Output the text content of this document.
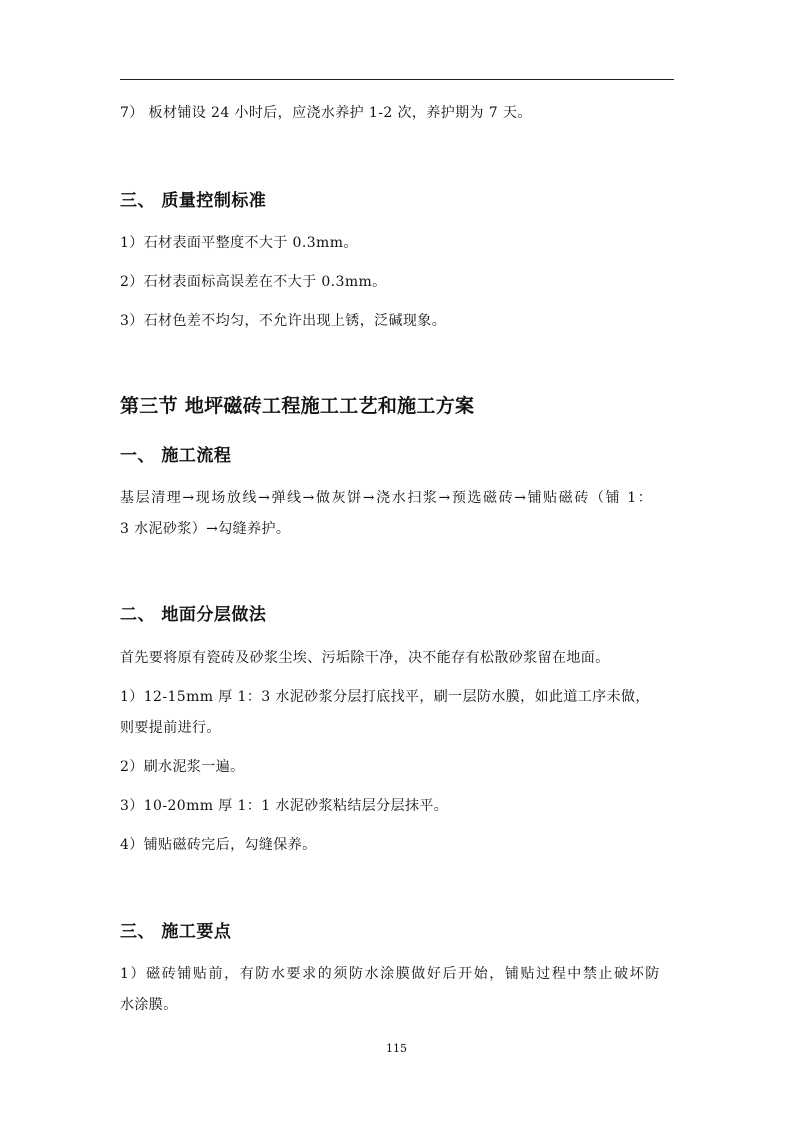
7） 板材铺设 24 小时后，应浇水养护 1-2 次，养护期为 7 天。
三、 质量控制标准
1）石材表面平整度不大于 0.3mm。
2）石材表面标高误差在不大于 0.3mm。
3）石材色差不均匀，不允许出现上锈，泛碱现象。
第三节 地坪磁砖工程施工工艺和施工方案
一、 施工流程
基层清理→现场放线→弹线→做灰饼→浇水扫浆→预选磁砖→铺贴磁砖（铺 1：
3 水泥砂浆）→勾缝养护。
二、 地面分层做法
首先要将原有瓷砖及砂浆尘埃、污垢除干净，决不能存有松散砂浆留在地面。
1）12-15mm 厚 1：3 水泥砂浆分层打底找平，刷一层防水膜，如此道工序未做，
则要提前进行。
2）刷水泥浆一遍。
3）10-20mm 厚 1：1 水泥砂浆粘结层分层抹平。
4）铺贴磁砖完后，勾缝保养。
三、 施工要点
1）磁砖铺贴前，有防水要求的须防水涂膜做好后开始，铺贴过程中禁止破坏防
水涂膜。
115
